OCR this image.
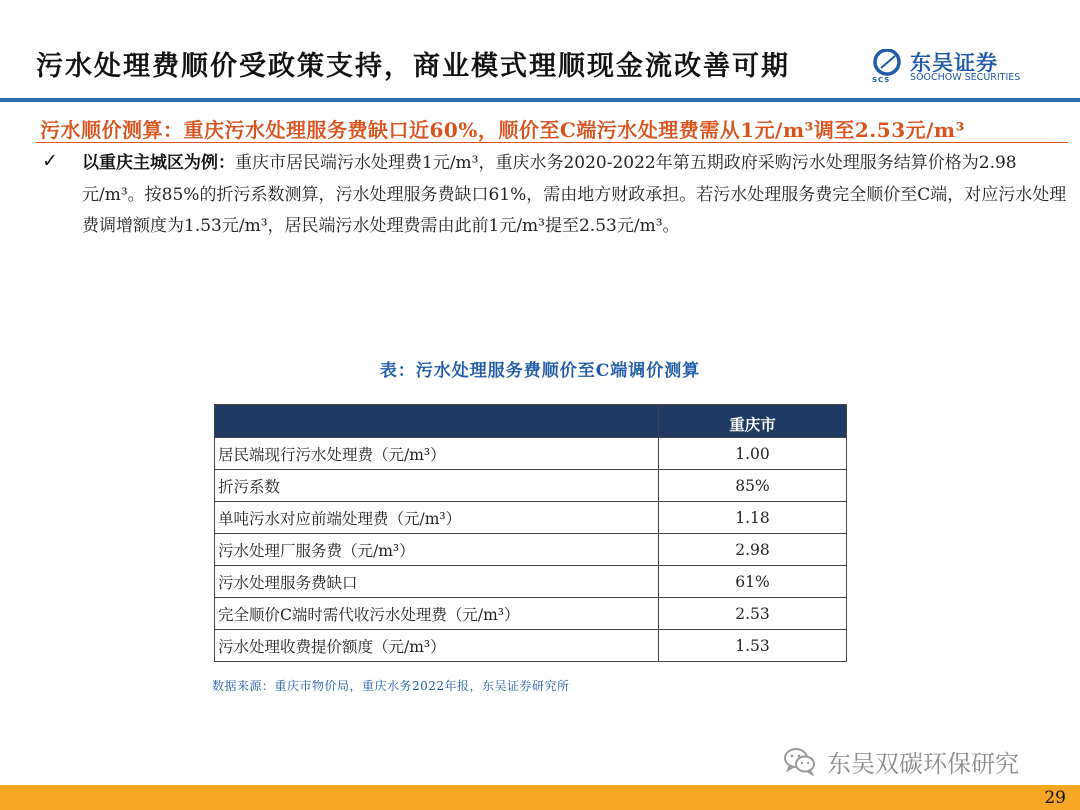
污水处理费顺价受政策支持，商业模式理顺现金流改善可期	SCS
东吴证券
SOOCHOW SECURITIES
污水顺价测算：重庆污水处理服务费缺口近60%，顺价至C端污水处理费需从1元/m³调至2.53元/m³
✓ 以重庆主城区为例：重庆市居民端污水处理费1元/m³，重庆水务2020-2022年第五期政府采购污水处理服务结算价格为2.98元/m³。按85%的折污系数测算，污水处理服务费缺口61%，需由地方财政承担。若污水处理服务费完全顺价至C端，对应污水处理费调增额度为1.53元/m³，居民端污水处理费需由此前1元/m³提至2.53元/m³。

表：污水处理服务费顺价至C端调价测算
	重庆市
居民端现行污水处理费（元/m³）	1.00
折污系数	85%
单吨污水对应前端处理费（元/m³）	1.18
污水处理厂服务费（元/m³）	2.98
污水处理服务费缺口	61%
完全顺价C端时需代收污水处理费（元/m³）	2.53
污水处理收费提价额度（元/m³）	1.53
数据来源：重庆市物价局，重庆水务2022年报，东吴证券研究所
东吴双碳环保研究
29
